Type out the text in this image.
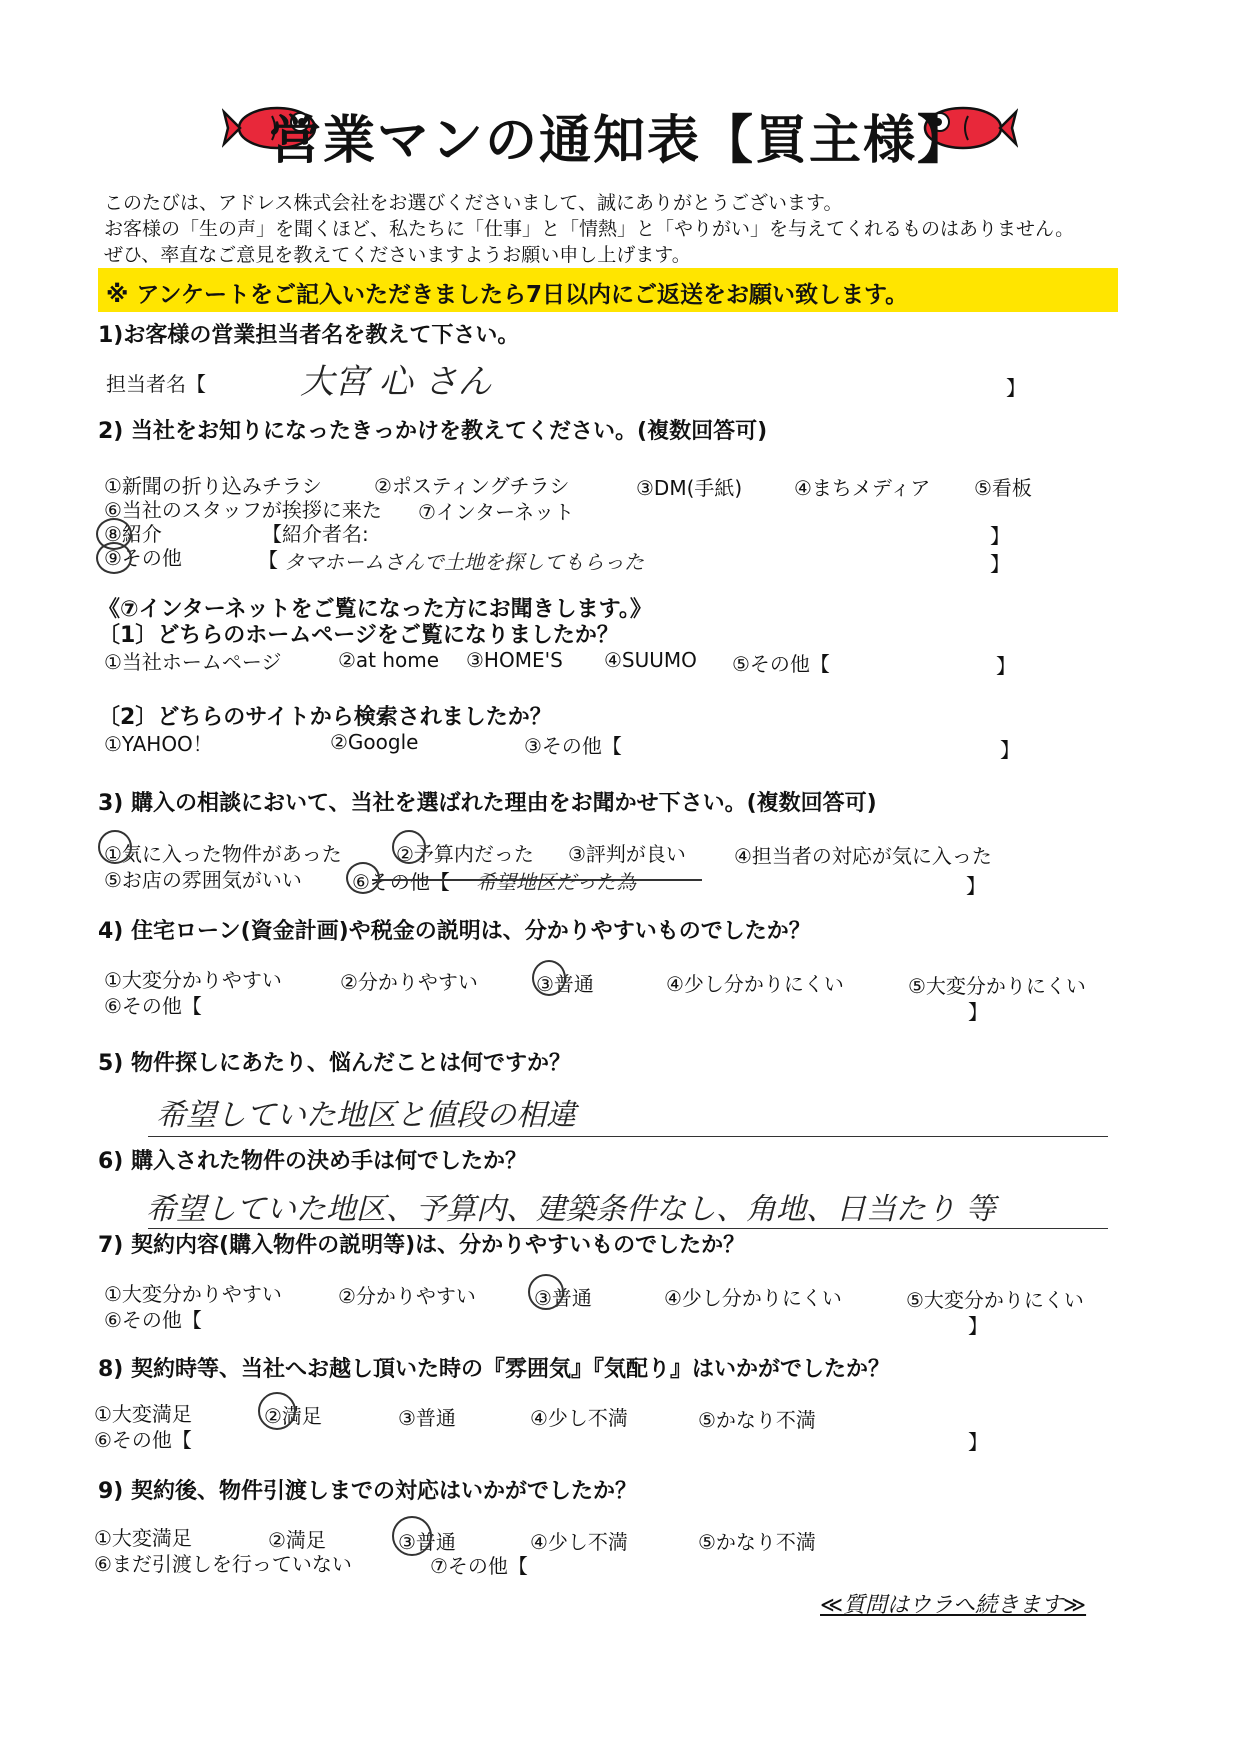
営業マンの通知表【買主様】
このたびは、アドレス株式会社をお選びくださいまして、誠にありがとうございます。
お客様の「生の声」を聞くほど、私たちに「仕事」と「情熱」と「やりがい」を与えてくれるものはありません。
ぜひ、率直なご意見を教えてくださいますようお願い申し上げます。
※ アンケートをご記入いただきましたら7日以内にご返送をお願い致します。
1)お客様の営業担当者名を教えて下さい。
担当者名【	大宮 心 さん	】
2) 当社をお知りになったきっかけを教えてください。(複数回答可)
①新聞の折り込みチラシ	②ポスティングチラシ	③DM(手紙)	④まちメディア ⑤看板
⑥当社のスタッフが挨拶に来た ⑦インターネット
⑧紹介	【紹介者名:	】
⑨その他	【 タマホームさんで土地を探してもらった	】
《⑦インターネットをご覧になった方にお聞きします。》
〔1〕どちらのホームページをご覧になりましたか？
①当社ホームページ	②at home ③HOME'S ④SUUMO ⑤その他【	】
〔2〕どちらのサイトから検索されましたか？
①YAHOO！	②Google	③その他【	】
3) 購入の相談において、当社を選ばれた理由をお聞かせ下さい。(複数回答可)
①気に入った物件があった	②予算内だった ③評判が良い ④担当者の対応が気に入った
⑤お店の雰囲気がいい	⑥その他【 希望地区だった為	】
4) 住宅ローン(資金計画)や税金の説明は、分かりやすいものでしたか？
①大変分かりやすい	②分かりやすい	③普通	④少し分かりにくい	⑤大変分かりにくい
⑥その他【	】
5) 物件探しにあたり、悩んだことは何ですか？
希望していた地区と値段の相違
6) 購入された物件の決め手は何でしたか？
希望していた地区、予算内、建築条件なし、角地、日当たり 等
7) 契約内容(購入物件の説明等)は、分かりやすいものでしたか？
①大変分かりやすい	②分かりやすい	③普通	④少し分かりにくい	⑤大変分かりにくい
⑥その他【	】
8) 契約時等、当社へお越し頂いた時の『雰囲気』『気配り』はいかがでしたか？
①大変満足	②満足	③普通	④少し不満	⑤かなり不満
⑥その他【	】
9) 契約後、物件引渡しまでの対応はいかがでしたか？
①大変満足	②満足	③普通	④少し不満	⑤かなり不満
⑥まだ引渡しを行っていない	⑦その他【
≪質問はウラへ続きます≫
